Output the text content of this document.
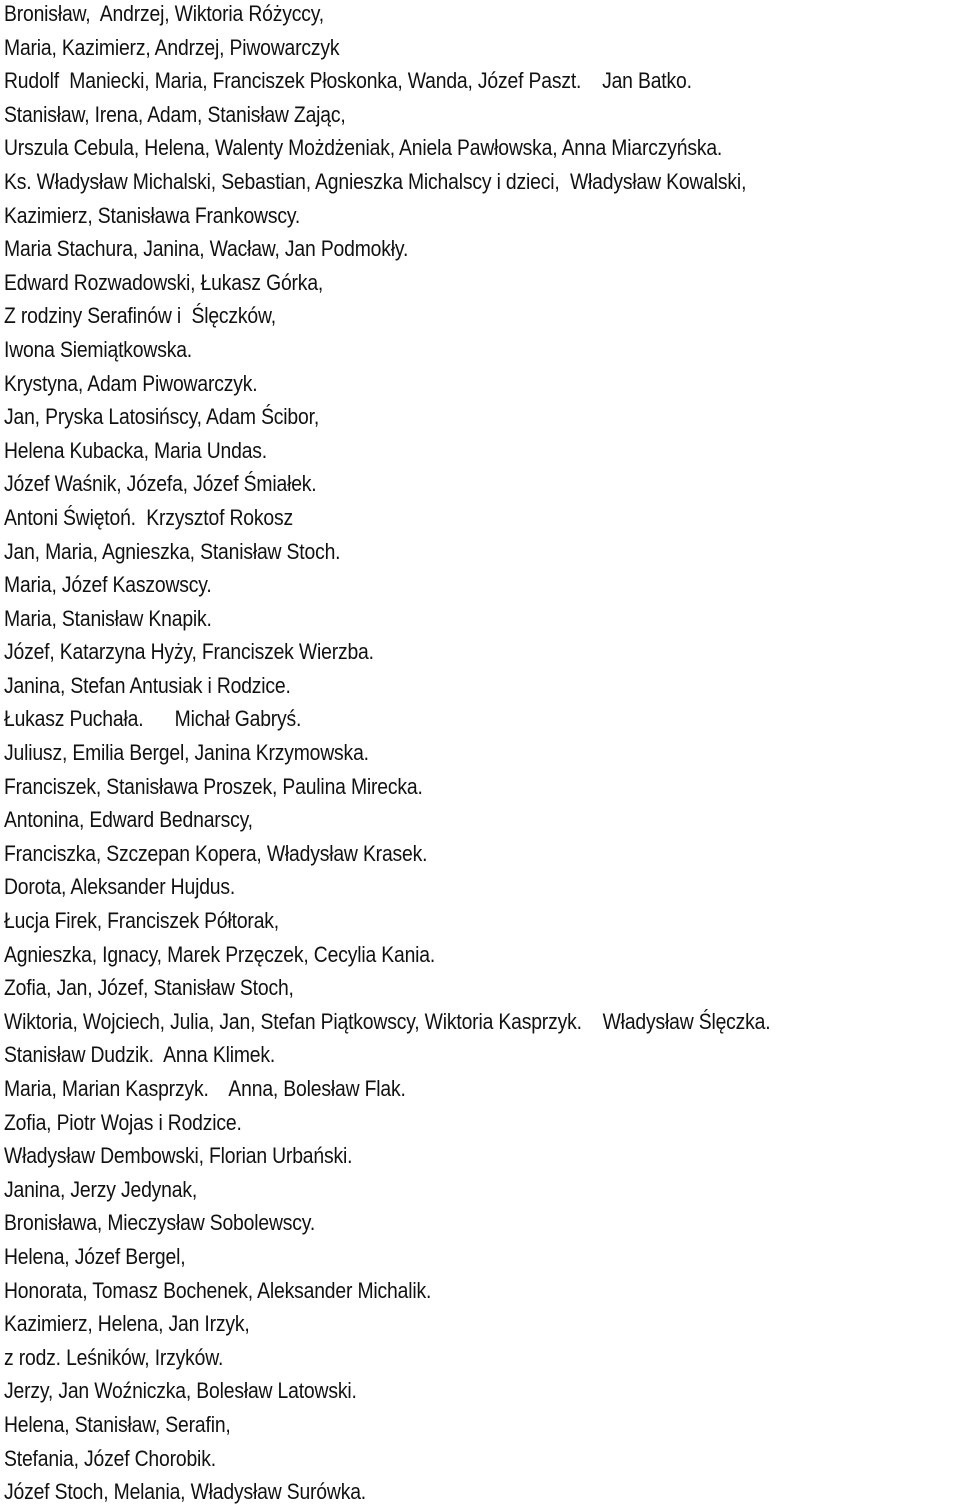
Bronisław,  Andrzej, Wiktoria Różyccy,
Maria, Kazimierz, Andrzej, Piwowarczyk
Rudolf  Maniecki, Maria, Franciszek Płoskonka, Wanda, Józef Paszt.    Jan Batko.
Stanisław, Irena, Adam, Stanisław Zając,
Urszula Cebula, Helena, Walenty Możdżeniak, Aniela Pawłowska, Anna Miarczyńska.
Ks. Władysław Michalski, Sebastian, Agnieszka Michalscy i dzieci,  Władysław Kowalski,
Kazimierz, Stanisława Frankowscy.
Maria Stachura, Janina, Wacław, Jan Podmokły.
Edward Rozwadowski, Łukasz Górka,
Z rodziny Serafinów i  Ślęczków,
Iwona Siemiątkowska.
Krystyna, Adam Piwowarczyk.
Jan, Pryska Latosińscy, Adam Ścibor,
Helena Kubacka, Maria Undas.
Józef Waśnik, Józefa, Józef Śmiałek.
Antoni Świętoń.  Krzysztof Rokosz
Jan, Maria, Agnieszka, Stanisław Stoch.
Maria, Józef Kaszowscy.
Maria, Stanisław Knapik.
Józef, Katarzyna Hyży, Franciszek Wierzba.
Janina, Stefan Antusiak i Rodzice.
Łukasz Puchała.      Michał Gabryś.
Juliusz, Emilia Bergel, Janina Krzymowska.
Franciszek, Stanisława Proszek, Paulina Mirecka.
Antonina, Edward Bednarscy,
Franciszka, Szczepan Kopera, Władysław Krasek.
Dorota, Aleksander Hujdus.
Łucja Firek, Franciszek Półtorak,
Agnieszka, Ignacy, Marek Przęczek, Cecylia Kania.
Zofia, Jan, Józef, Stanisław Stoch,
Wiktoria, Wojciech, Julia, Jan, Stefan Piątkowscy, Wiktoria Kasprzyk.    Władysław Ślęczka.
Stanisław Dudzik.  Anna Klimek.
Maria, Marian Kasprzyk.    Anna, Bolesław Flak.
Zofia, Piotr Wojas i Rodzice.
Władysław Dembowski, Florian Urbański.
Janina, Jerzy Jedynak,
Bronisława, Mieczysław Sobolewscy.
Helena, Józef Bergel,
Honorata, Tomasz Bochenek, Aleksander Michalik.
Kazimierz, Helena, Jan Irzyk,
z rodz. Leśników, Irzyków.
Jerzy, Jan Woźniczka, Bolesław Latowski.
Helena, Stanisław, Serafin,
Stefania, Józef Chorobik.
Józef Stoch, Melania, Władysław Surówka.
